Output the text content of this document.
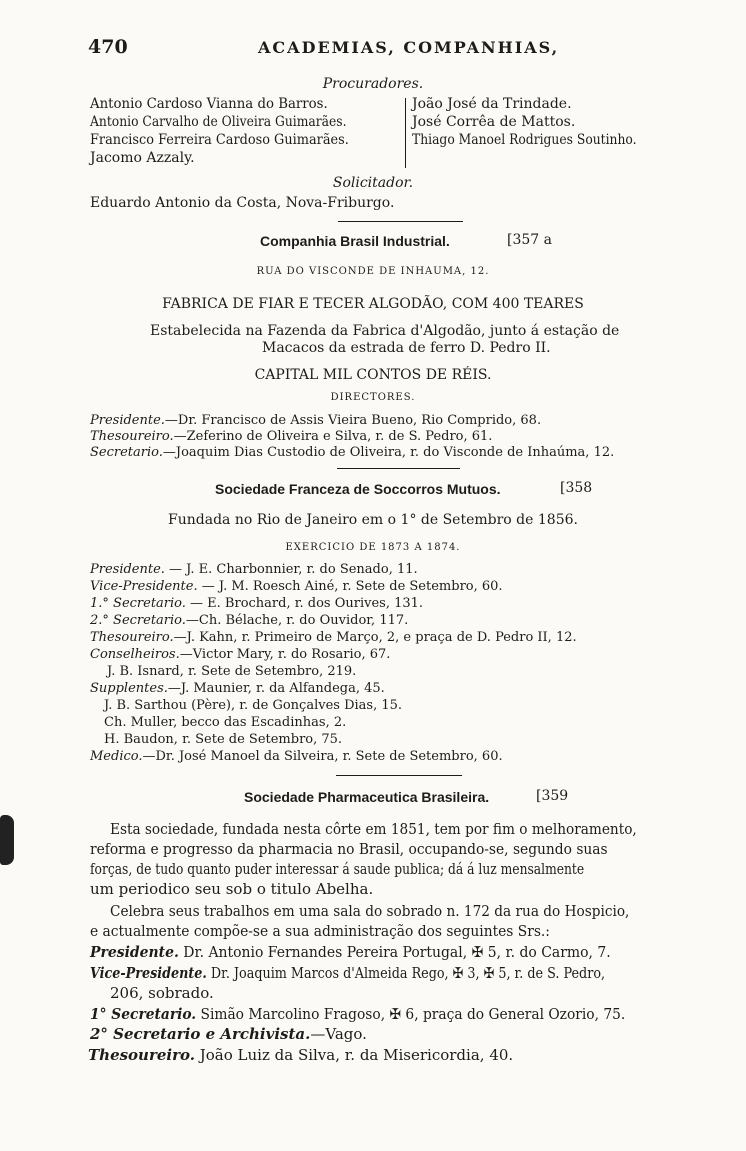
470	ACADEMIAS, COMPANHIAS,
Procuradores.
Antonio Cardoso Vianna do Barros.
Antonio Carvalho de Oliveira Guimarães.
Francisco Ferreira Cardoso Guimarães.
Jacomo Azzaly.
João José da Trindade.
José Corrêa de Mattos.
Thiago Manoel Rodrigues Soutinho.
Solicitador.
Eduardo Antonio da Costa, Nova-Friburgo.
Companhia Brasil Industrial.	[357 a
RUA DO VISCONDE DE INHAUMA, 12.
FABRICA DE FIAR E TECER ALGODÃO, COM 400 TEARES
Estabelecida na Fazenda da Fabrica d'Algodão, junto á estação de
Macacos da estrada de ferro D. Pedro II.
CAPITAL MIL CONTOS DE RÉIS.
DIRECTORES.
Presidente.—Dr. Francisco de Assis Vieira Bueno, Rio Comprido, 68.
Thesoureiro.—Zeferino de Oliveira e Silva, r. de S. Pedro, 61.
Secretario.—Joaquim Dias Custodio de Oliveira, r. do Visconde de Inhaúma, 12.
Sociedade Franceza de Soccorros Mutuos.	[358
Fundada no Rio de Janeiro em o 1° de Setembro de 1856.
EXERCICIO DE 1873 A 1874.
Presidente. — J. E. Charbonnier, r. do Senado, 11.
Vice-Presidente. — J. M. Roesch Ainé, r. Sete de Setembro, 60.
1.° Secretario. — E. Brochard, r. dos Ourives, 131.
2.° Secretario.—Ch. Bélache, r. do Ouvidor, 117.
Thesoureiro.—J. Kahn, r. Primeiro de Março, 2, e praça de D. Pedro II, 12.
Conselheiros.—Victor Mary, r. do Rosario, 67.
J. B. Isnard, r. Sete de Setembro, 219.
Supplentes.—J. Maunier, r. da Alfandega, 45.
J. B. Sarthou (Père), r. de Gonçalves Dias, 15.
Ch. Muller, becco das Escadinhas, 2.
H. Baudon, r. Sete de Setembro, 75.
Medico.—Dr. José Manoel da Silveira, r. Sete de Setembro, 60.
Sociedade Pharmaceutica Brasileira.	[359
Esta sociedade, fundada nesta côrte em 1851, tem por fim o melhoramento,
reforma e progresso da pharmacia no Brasil, occupando-se, segundo suas
forças, de tudo quanto puder interessar á saude publica; dá á luz mensalmente
um periodico seu sob o titulo Abelha.
Celebra seus trabalhos em uma sala do sobrado n. 172 da rua do Hospicio,
e actualmente compõe-se a sua administração dos seguintes Srs.:
Presidente. Dr. Antonio Fernandes Pereira Portugal, ✠ 5, r. do Carmo, 7.
Vice-Presidente. Dr. Joaquim Marcos d'Almeida Rego, ✠ 3, ✠ 5, r. de S. Pedro,
206, sobrado.
1° Secretario. Simão Marcolino Fragoso, ✠ 6, praça do General Ozorio, 75.
2° Secretario e Archivista.—Vago.
Thesoureiro. João Luiz da Silva, r. da Misericordia, 40.
